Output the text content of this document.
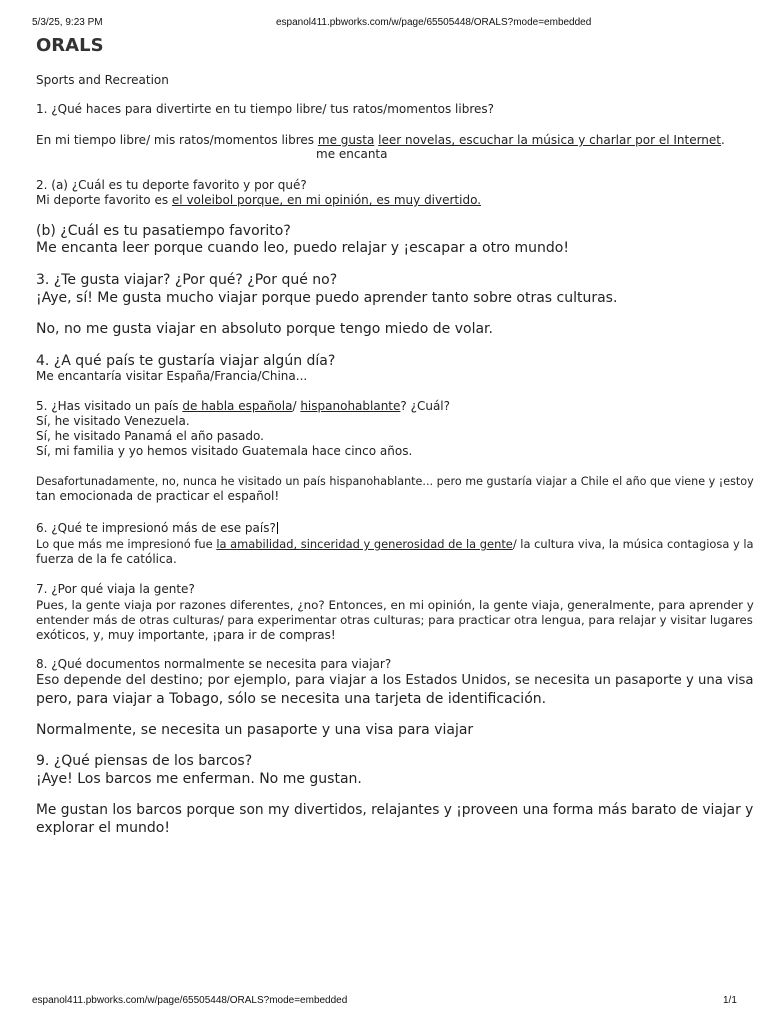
5/3/25, 9:23 PM	espanol411.pbworks.com/w/page/65505448/ORALS?mode=embedded
ORALS

Sports and Recreation

1. ¿Qué haces para divertirte en tu tiempo libre/ tus ratos/momentos libres?

En mi tiempo libre/ mis ratos/momentos libres me gusta leer novelas, escuchar la música y charlar por el Internet.

me encanta

2. (a) ¿Cuál es tu deporte favorito y por qué?

Mi deporte favorito es el voleibol porque, en mi opinión, es muy divertido.

(b) ¿Cuál es tu pasatiempo favorito?

Me encanta leer porque cuando leo, puedo relajar y ¡escapar a otro mundo!

3. ¿Te gusta viajar? ¿Por qué? ¿Por qué no?

¡Aye, sí! Me gusta mucho viajar porque puedo aprender tanto sobre otras culturas.

No, no me gusta viajar en absoluto porque tengo miedo de volar.

4. ¿A qué país te gustaría viajar algún día?

Me encantaría visitar España/Francia/China...

5. ¿Has visitado un país de habla española/ hispanohablante? ¿Cuál?

Sí, he visitado Venezuela.

Sí, he visitado Panamá el año pasado.

Sí, mi familia y yo hemos visitado Guatemala hace cinco años.

Desafortunadamente, no, nunca he visitado un país hispanohablante... pero me gustaría viajar a Chile el año que viene y ¡estoy

tan emocionada de practicar el español!

6. ¿Qué te impresionó más de ese país?

Lo que más me impresionó fue la amabilidad, sinceridad y generosidad de la gente/ la cultura viva, la música contagiosa y la

fuerza de la fe católica.

7. ¿Por qué viaja la gente?

Pues, la gente viaja por razones diferentes, ¿no? Entonces, en mi opinión, la gente viaja, generalmente, para aprender y

entender más de otras culturas/ para experimentar otras culturas; para practicar otra lengua, para relajar y visitar lugares

exóticos, y, muy importante, ¡para ir de compras!

8. ¿Qué documentos normalmente se necesita para viajar?

Eso depende del destino; por ejemplo, para viajar a los Estados Unidos, se necesita un pasaporte y una visa

pero, para viajar a Tobago, sólo se necesita una tarjeta de identificación.

Normalmente, se necesita un pasaporte y una visa para viajar

9. ¿Qué piensas de los barcos?

¡Aye! Los barcos me enferman. No me gustan.

Me gustan los barcos porque son my divertidos, relajantes y ¡proveen una forma más barato de viajar y

explorar el mundo!

espanol411.pbworks.com/w/page/65505448/ORALS?mode=embedded	1/1
